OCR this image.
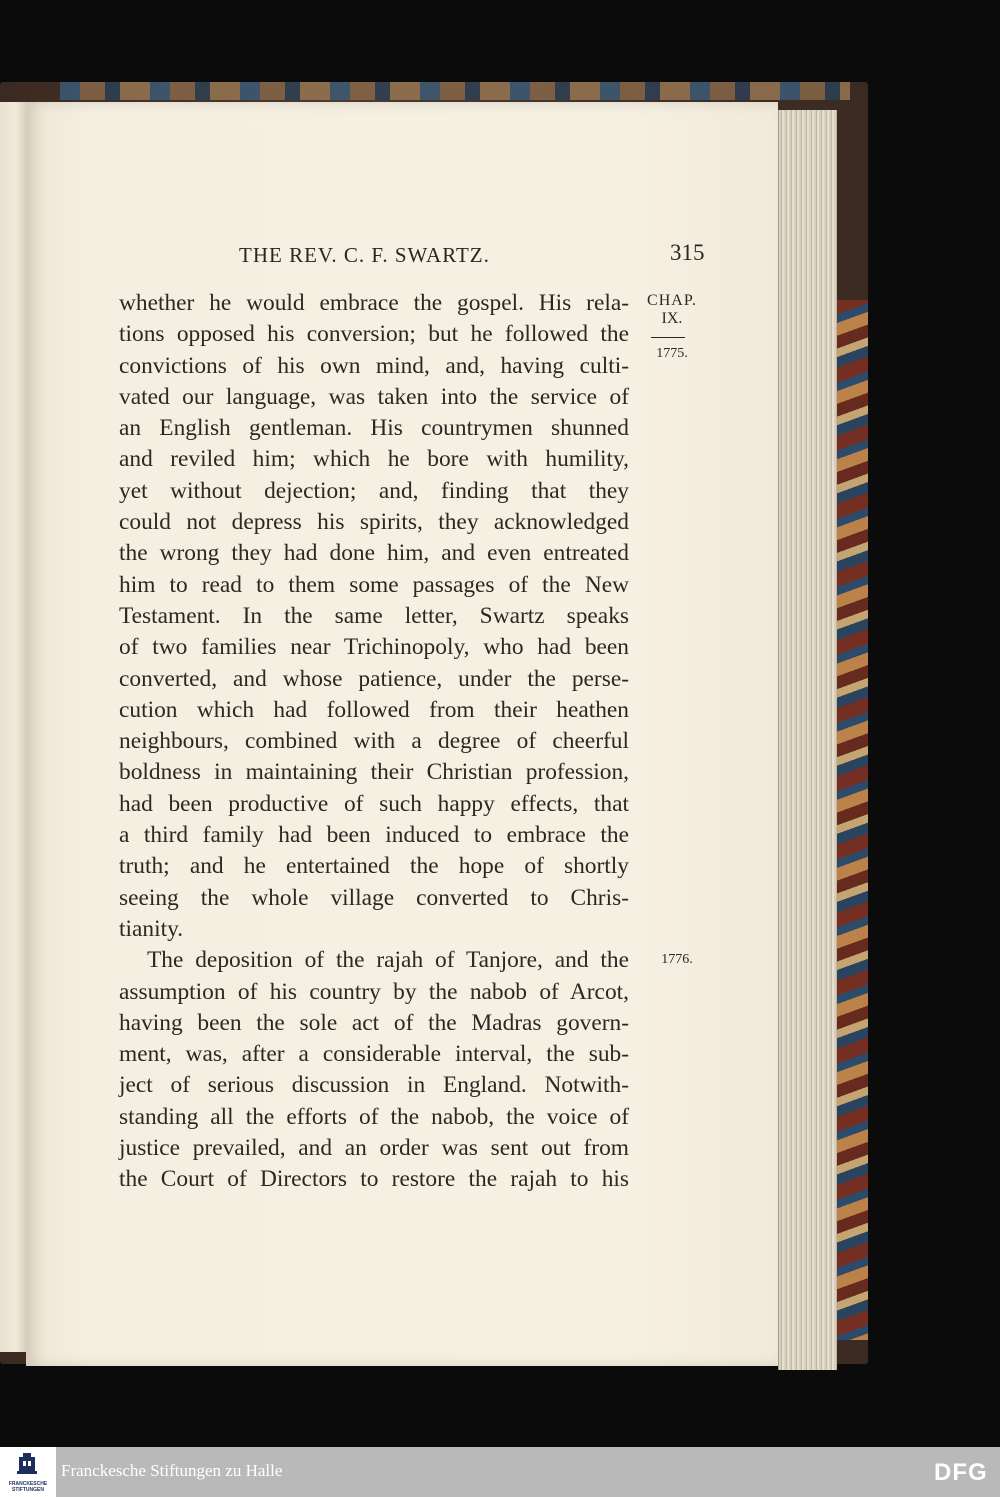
THE REV. C. F. SWARTZ.	315
CHAP.
IX.
1775.
1776.
whether he would embrace the gospel. His rela-
tions opposed his conversion; but he followed the
convictions of his own mind, and, having culti-
vated our language, was taken into the service of
an English gentleman. His countrymen shunned
and reviled him; which he bore with humility,
yet without dejection; and, finding that they
could not depress his spirits, they acknowledged
the wrong they had done him, and even entreated
him to read to them some passages of the New
Testament. In the same letter, Swartz speaks
of two families near Trichinopoly, who had been
converted, and whose patience, under the perse-
cution which had followed from their heathen
neighbours, combined with a degree of cheerful
boldness in maintaining their Christian profession,
had been productive of such happy effects, that
a third family had been induced to embrace the
truth; and he entertained the hope of shortly
seeing the whole village converted to Chris-
tianity.
The deposition of the rajah of Tanjore, and the
assumption of his country by the nabob of Arcot,
having been the sole act of the Madras govern-
ment, was, after a considerable interval, the sub-
ject of serious discussion in England. Notwith-
standing all the efforts of the nabob, the voice of
justice prevailed, and an order was sent out from
the Court of Directors to restore the rajah to his
FRANCKESCHE STIFTUNGEN
Franckesche Stiftungen zu Halle	DFG
